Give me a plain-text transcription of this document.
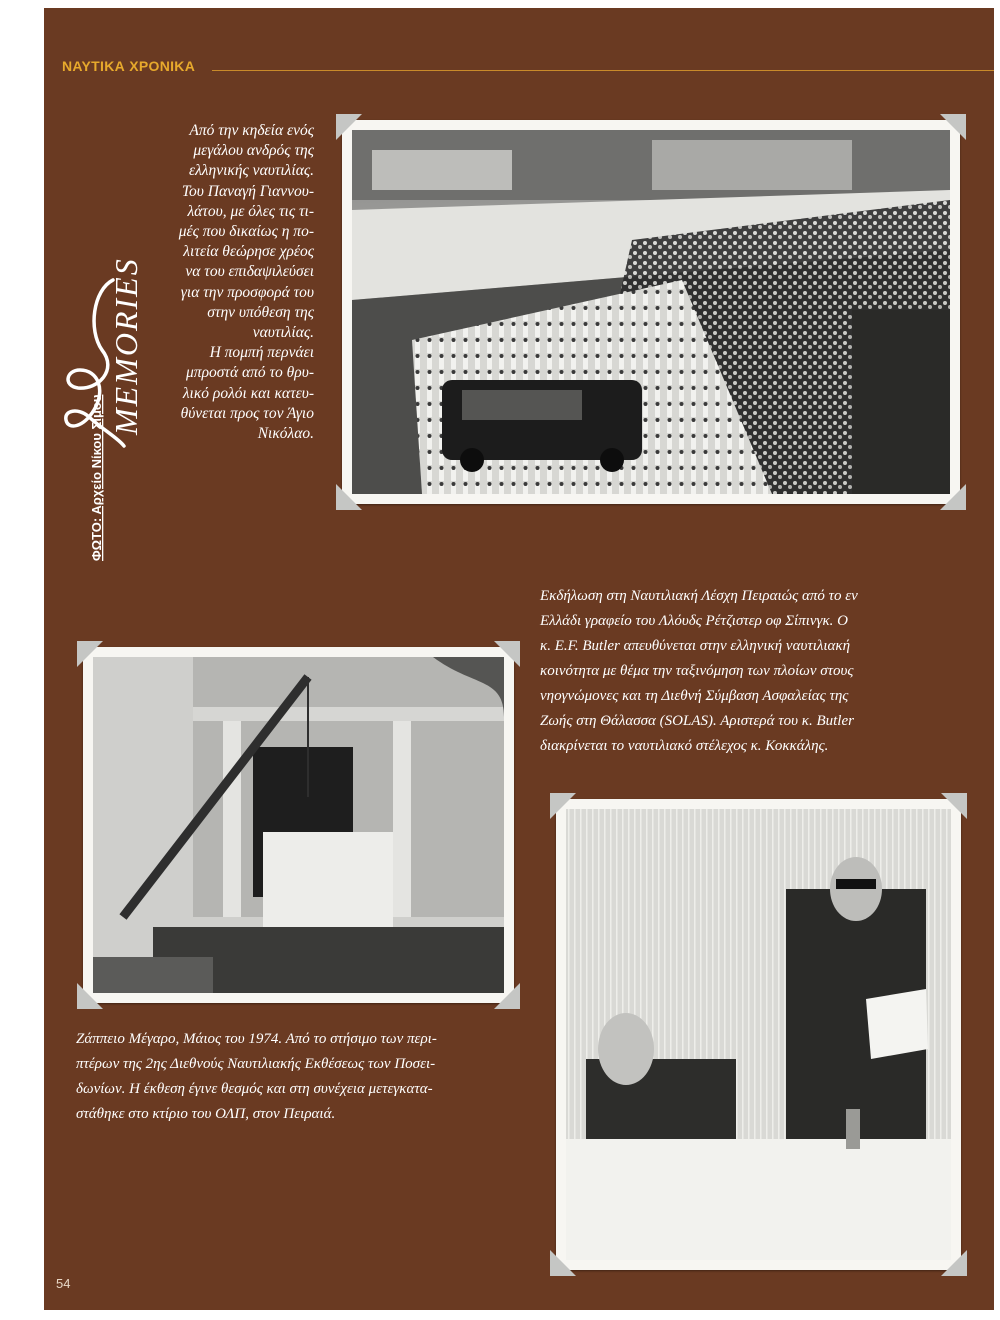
ΝΑΥΤΙΚΑ ΧΡΟΝΙΚΑ
MEMORIES
ΦΩΤΟ: Αρχείο Νίκου Σίμου
Από την κηδεία ενός
μεγάλου ανδρός της
ελληνικής ναυτιλίας.
Του Παναγή Γιαννου-
λάτου, με όλες τις τι-
μές που δικαίως η πο-
λιτεία θεώρησε χρέος
να του επιδαψιλεύσει
για την προσφορά του
στην υπόθεση της
ναυτιλίας.
Η πομπή περνάει
μπροστά από το θρυ-
λικό ρολόι και κατευ-
θύνεται προς τον Άγιο
Νικόλαο.
Εκδήλωση στη Ναυτιλιακή Λέσχη Πειραιώς από το εν
Ελλάδι γραφείο του Λλόυδς Ρέτζιστερ οφ Σίπινγκ. Ο
κ. E.F. Butler απευθύνεται στην ελληνική ναυτιλιακή
κοινότητα με θέμα την ταξινόμηση των πλοίων στους
νηογνώμονες και τη Διεθνή Σύμβαση Ασφαλείας της
Ζωής στη Θάλασσα (SOLAS). Αριστερά του κ. Butler
διακρίνεται το ναυτιλιακό στέλεχος κ. Κοκκάλης.
Ζάππειο Μέγαρο, Μάιος του 1974. Από το στήσιμο των περι-
πτέρων της 2ης Διεθνούς Ναυτιλιακής Εκθέσεως των Ποσει-
δωνίων. Η έκθεση έγινε θεσμός και στη συνέχεια μετεγκατα-
στάθηκε στο κτίριο του ΟΛΠ, στον Πειραιά.
54
